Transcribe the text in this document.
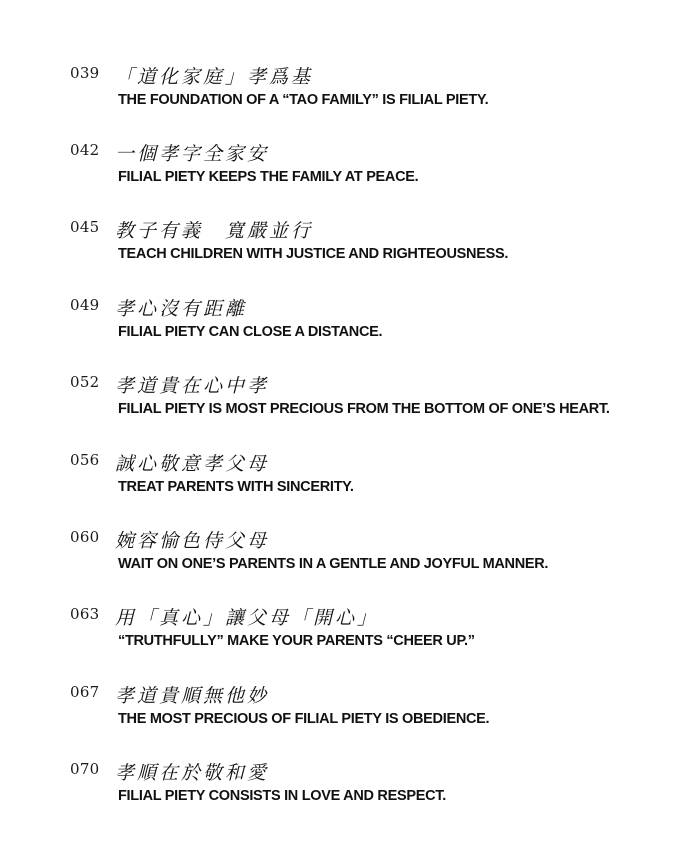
039 「道化家庭」孝爲基
THE FOUNDATION OF A “TAO FAMILY” IS FILIAL PIETY.
042 一個孝字全家安
FILIAL PIETY KEEPS THE FAMILY AT PEACE.
045 教子有義　寬嚴並行
TEACH CHILDREN WITH JUSTICE AND RIGHTEOUSNESS.
049 孝心沒有距離
FILIAL PIETY CAN CLOSE A DISTANCE.
052 孝道貴在心中孝
FILIAL PIETY IS MOST PRECIOUS FROM THE BOTTOM OF ONE’S HEART.
056 誠心敬意孝父母
TREAT PARENTS WITH SINCERITY.
060 婉容愉色侍父母
WAIT ON ONE’S PARENTS IN A GENTLE AND JOYFUL MANNER.
063 用「真心」讓父母「開心」
“TRUTHFULLY” MAKE YOUR PARENTS “CHEER UP.”
067 孝道貴順無他妙
THE MOST PRECIOUS OF FILIAL PIETY IS OBEDIENCE.
070 孝順在於敬和愛
FILIAL PIETY CONSISTS IN LOVE AND RESPECT.
